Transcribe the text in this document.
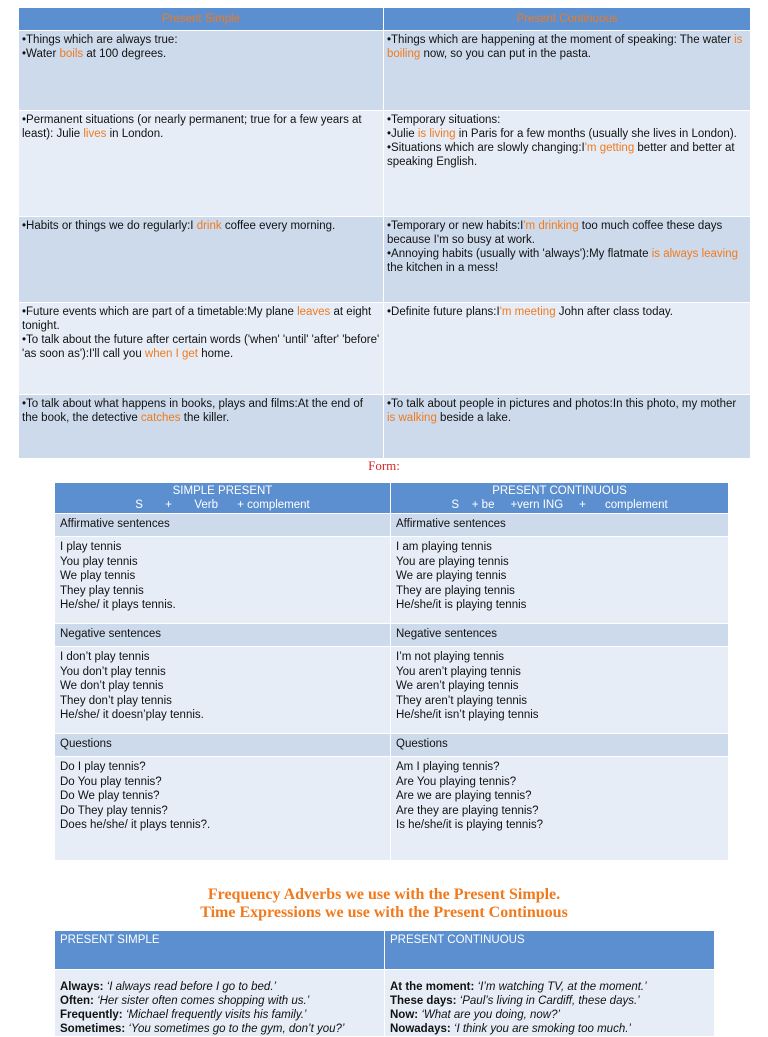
Present Simple	Present Continuous

•Things which are always true:
•Water boils at 100 degrees.	•Things which are happening at the moment of speaking: The water is boiling now, so you can put in the pasta.

•Permanent situations (or nearly permanent; true for a few years at least): Julie lives in London.	•Temporary situations:
•Julie is living in Paris for a few months (usually she lives in London).
•Situations which are slowly changing:I'm getting better and better at speaking English.

•Habits or things we do regularly:I drink coffee every morning.	•Temporary or new habits:I'm drinking too much coffee these days because I'm so busy at work.
•Annoying habits (usually with 'always'):My flatmate is always leaving the kitchen in a mess!

•Future events which are part of a timetable:My plane leaves at eight tonight.
•To talk about the future after certain words ('when' 'until' 'after' 'before' 'as soon as'):I'll call you when I get home.	•Definite future plans:I'm meeting John after class today.

•To talk about what happens in books, plays and films:At the end of the book, the detective catches the killer.	•To talk about people in pictures and photos:In this photo, my mother is walking beside a lake.
Form:
SIMPLE PRESENT
S       +       Verb      + complement	PRESENT CONTINUOUS
S    + be     +vern ING     +      complement

Affirmative sentences	Affirmative sentences

I play tennis
You play tennis
We play tennis
They play tennis
He/she/ it plays tennis.	I am playing tennis
You are playing tennis
We are playing tennis
They are playing tennis
He/she/it is playing tennis

Negative sentences	Negative sentences

I don’t play tennis
You don’t play tennis
We don’t play tennis
They don’t play tennis
He/she/ it doesn’play tennis.	I’m not playing tennis
You aren’t playing tennis
We aren’t playing tennis
They aren’t playing tennis
He/she/it isn’t playing tennis

Questions	Questions

Do I play tennis?
Do You play tennis?
Do We play tennis?
Do They play tennis?
Does he/she/ it plays tennis?.	Am I playing tennis?
Are You playing tennis?
Are we are playing tennis?
Are they are playing tennis?
Is he/she/it is playing tennis?
Frequency Adverbs we use with the Present Simple.
Time Expressions we use with the Present Continuous
PRESENT SIMPLE	PRESENT CONTINUOUS

Always: ‘I always read before I go to bed.’
Often: ‘Her sister often comes shopping with us.’
Frequently: ‘Michael frequently visits his family.’
Sometimes: ‘You sometimes go to the gym, don’t you?’	At the moment: ‘I’m watching TV, at the moment.’
These days: ‘Paul’s living in Cardiff, these days.’
Now: ‘What are you doing, now?’
Nowadays: ‘I think you are smoking too much.’
